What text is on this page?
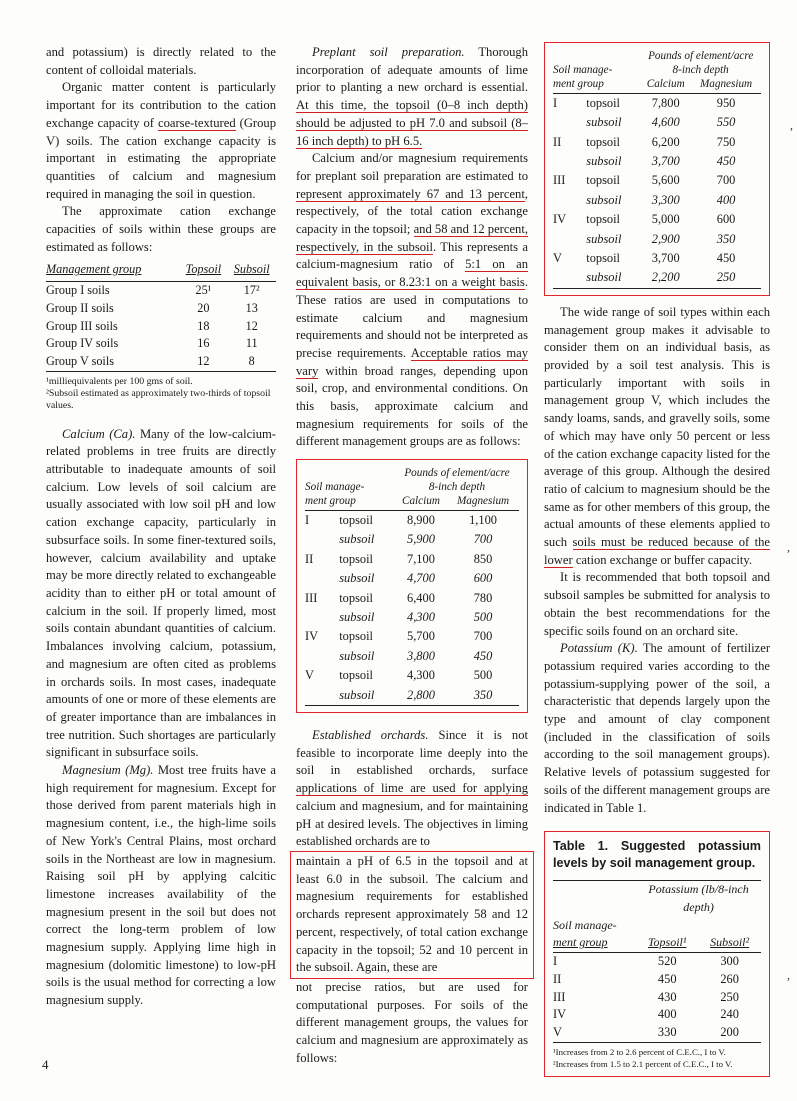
and potassium) is directly related to the content of colloidal materials.

Organic matter content is particularly important for its contribution to the cation exchange capacity of coarse-textured (Group V) soils. The cation exchange capacity is important in estimating the appropriate quantities of calcium and magnesium required in managing the soil in question.

The approximate cation exchange capacities of soils within these groups are estimated as follows:

Management group	Topsoil	Subsoil
Group I soils	25¹	17²
Group II soils	20	13
Group III soils	18	12
Group IV soils	16	11
Group V soils	12	8
¹milliequivalents per 100 gms of soil.
²Subsoil estimated as approximately two-thirds of topsoil values.

Calcium (Ca). Many of the low-calcium-related problems in tree fruits are directly attributable to inadequate amounts of soil calcium. Low levels of soil calcium are usually associated with low soil pH and low cation exchange capacity, particularly in subsurface soils. In some finer-textured soils, however, calcium availability and uptake may be more directly related to exchangeable acidity than to either pH or total amount of calcium in the soil. If properly limed, most soils contain abundant quantities of calcium. Imbalances involving calcium, potassium, and magnesium are often cited as problems in orchards soils. In most cases, inadequate amounts of one or more of these elements are of greater importance than are imbalances in tree nutrition. Such shortages are particularly significant in subsurface soils.

Magnesium (Mg). Most tree fruits have a high requirement for magnesium. Except for those derived from parent materials high in magnesium content, i.e., the high-lime soils of New York's Central Plains, most orchard soils in the Northeast are low in magnesium. Raising soil pH by applying calcitic limestone increases availability of the magnesium present in the soil but does not correct the long-term problem of low magnesium supply. Applying lime high in magnesium (dolomitic limestone) to low-pH soils is the usual method for correcting a low magnesium supply.

Preplant soil preparation. Thorough incorporation of adequate amounts of lime prior to planting a new orchard is essential. At this time, the topsoil (0–8 inch depth) should be adjusted to pH 7.0 and subsoil (8–16 inch depth) to pH 6.5.

Calcium and/or magnesium requirements for preplant soil preparation are estimated to represent approximately 67 and 13 percent, respectively, of the total cation exchange capacity in the topsoil; and 58 and 12 percent, respectively, in the subsoil. This represents a calcium-magnesium ratio of 5:1 on an equivalent basis, or 8.23:1 on a weight basis. These ratios are used in computations to estimate calcium and magnesium requirements and should not be interpreted as precise requirements. Acceptable ratios may vary within broad ranges, depending upon soil, crop, and environmental conditions. On this basis, approximate calcium and magnesium requirements for soils of the different management groups are as follows:

		Pounds of element/acre	
Soil manage-		8-inch depth	
ment group		Calcium	Magnesium
I	topsoil	8,900	1,100
	subsoil	5,900	700
II	topsoil	7,100	850
	subsoil	4,700	600
III	topsoil	6,400	780
	subsoil	4,300	500
IV	topsoil	5,700	700
	subsoil	3,800	450
V	topsoil	4,300	500
	subsoil	2,800	350

Established orchards. Since it is not feasible to incorporate lime deeply into the soil in established orchards, surface applications of lime are used for applying calcium and magnesium, and for maintaining pH at desired levels. The objectives in liming established orchards are to

maintain a pH of 6.5 in the topsoil and at least 6.0 in the subsoil. The calcium and magnesium requirements for established orchards represent approximately 58 and 12 percent, respectively, of total cation exchange capacity in the topsoil; 52 and 10 percent in the subsoil. Again, these are

not precise ratios, but are used for computational purposes. For soils of the different management groups, the values for calcium and magnesium are approximately as follows:

		Pounds of element/acre	
Soil manage-		8-inch depth	
ment group		Calcium	Magnesium
I	topsoil	7,800	950
	subsoil	4,600	550
II	topsoil	6,200	750
	subsoil	3,700	450
III	topsoil	5,600	700
	subsoil	3,300	400
IV	topsoil	5,000	600
	subsoil	2,900	350
V	topsoil	3,700	450
	subsoil	2,200	250

The wide range of soil types within each management group makes it advisable to consider them on an individual basis, as provided by a soil test analysis. This is particularly important with soils in management group V, which includes the sandy loams, sands, and gravelly soils, some of which may have only 50 percent or less of the cation exchange capacity listed for the average of this group. Although the desired ratio of calcium to magnesium should be the same as for other members of this group, the actual amounts of these elements applied to such soils must be reduced because of the lower cation exchange or buffer capacity.

It is recommended that both topsoil and subsoil samples be submitted for analysis to obtain the best recommendations for the specific soils found on an orchard site.

Potassium (K). The amount of fertilizer potassium required varies according to the potassium-supplying power of the soil, a characteristic that depends largely upon the type and amount of clay component (included in the classification of soils according to the soil management groups). Relative levels of potassium suggested for soils of the different management groups are indicated in Table 1.

Table 1. Suggested potassium levels by soil management group.
	Potassium (lb/8-inch depth)	
Soil manage-		
ment group	Topsoil¹	Subsoil²
I	520	300
II	450	260
III	430	250
IV	400	240
V	330	200
¹Increases from 2 to 2.6 percent of C.E.C., I to V.
²Increases from 1.5 to 2.1 percent of C.E.C., I to V.
4
,
,
,
